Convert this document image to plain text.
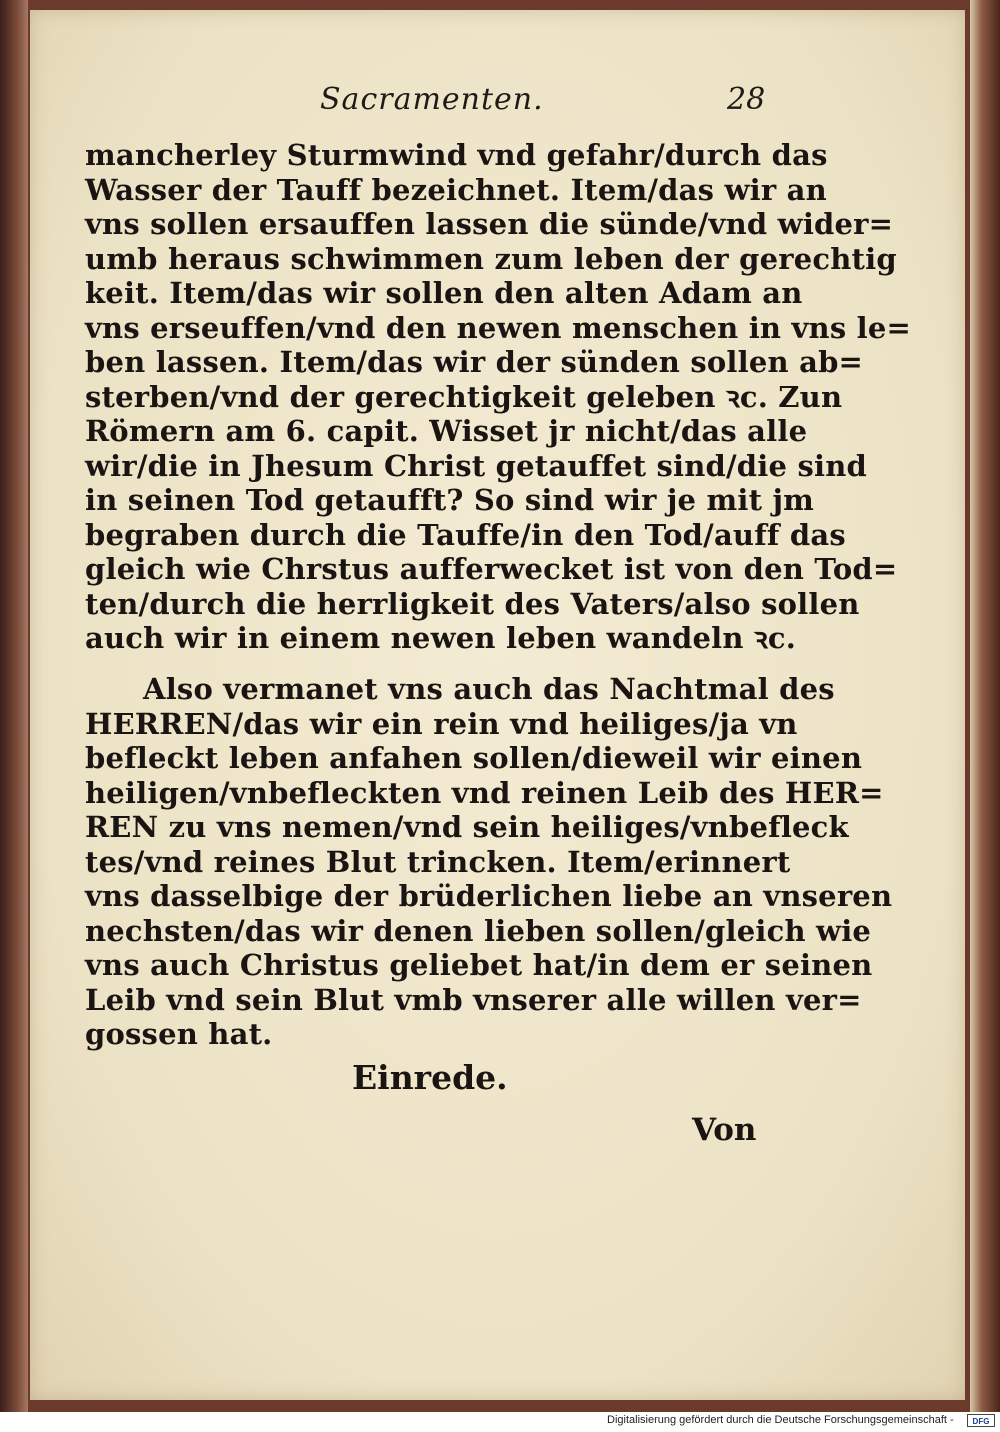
Sacramenten.	28
mancherley Sturmwind vnd gefahr/durch das
Wasser der Tauff bezeichnet. Item/das wir an
vns sollen ersauffen lassen die sünde/vnd wider=
umb heraus schwimmen zum leben der gerechtig
keit. Item/das wir sollen den alten Adam an
vns erseuffen/vnd den newen menschen in vns le=
ben lassen. Item/das wir der sünden sollen ab=
sterben/vnd der gerechtigkeit geleben ꝛc. Zun
Römern am 6. capit. Wisset jr nicht/das alle
wir/die in Jhesum Christ getauffet sind/die sind
in seinen Tod getaufft? So sind wir je mit jm
begraben durch die Tauffe/in den Tod/auff das
gleich wie Chrstus aufferwecket ist von den Tod=
ten/durch die herrligkeit des Vaters/also sollen
auch wir in einem newen leben wandeln ꝛc.
Also vermanet vns auch das Nachtmal des
HERREN/das wir ein rein vnd heiliges/ja vn
befleckt leben anfahen sollen/dieweil wir einen
heiligen/vnbefleckten vnd reinen Leib des HER=
REN zu vns nemen/vnd sein heiliges/vnbefleck
tes/vnd reines Blut trincken. Item/erinnert
vns dasselbige der brüderlichen liebe an vnseren
nechsten/das wir denen lieben sollen/gleich wie
vns auch Christus geliebet hat/in dem er seinen
Leib vnd sein Blut vmb vnserer alle willen ver=
gossen hat.
Einrede.
Von
Digitalisierung gefördert durch die Deutsche Forschungsgemeinschaft -	DFG
